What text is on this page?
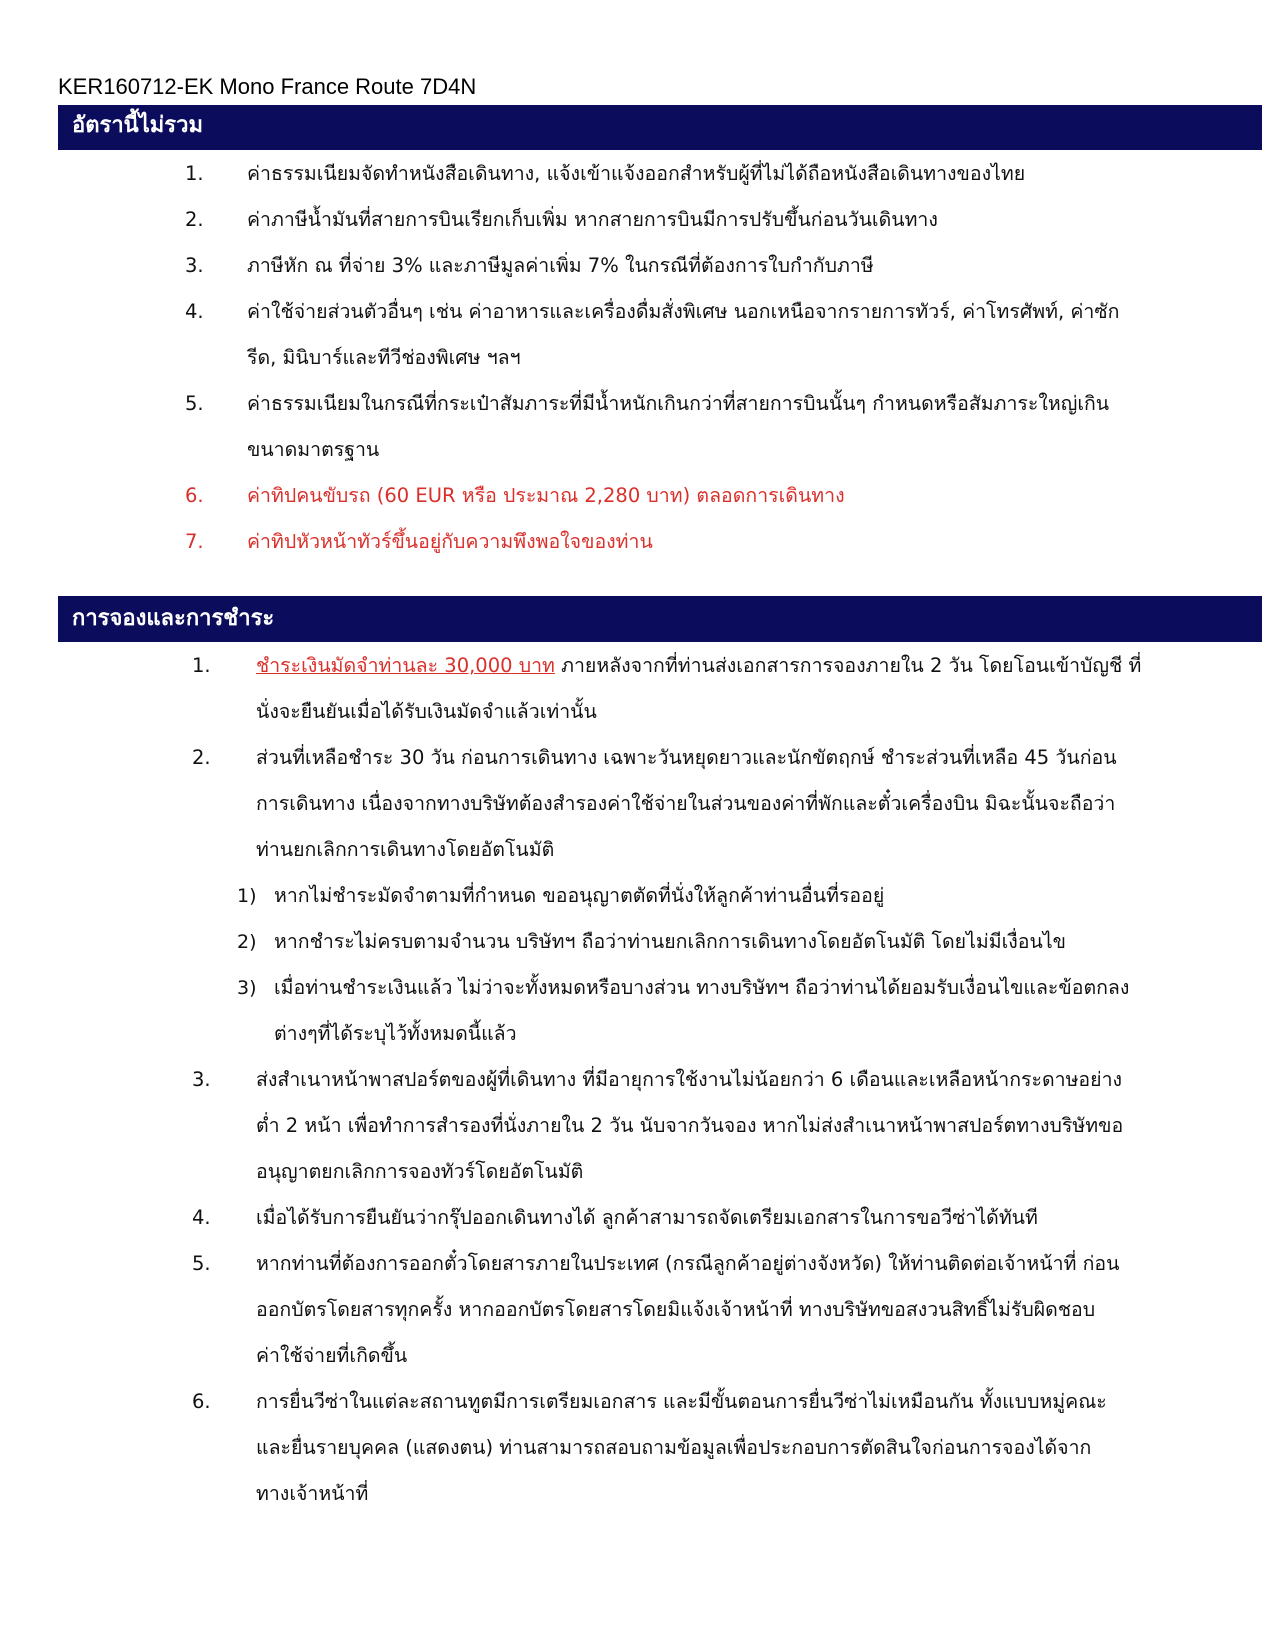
KER160712-EK Mono France Route 7D4N
อัตรานี้ไม่รวม
1. ค่าธรรมเนียมจัดทำหนังสือเดินทาง, แจ้งเข้าแจ้งออกสำหรับผู้ที่ไม่ได้ถือหนังสือเดินทางของไทย
2. ค่าภาษีน้ำมันที่สายการบินเรียกเก็บเพิ่ม หากสายการบินมีการปรับขึ้นก่อนวันเดินทาง
3. ภาษีหัก ณ ที่จ่าย 3% และภาษีมูลค่าเพิ่ม 7% ในกรณีที่ต้องการใบกำกับภาษี
4. ค่าใช้จ่ายส่วนตัวอื่นๆ เช่น ค่าอาหารและเครื่องดื่มสั่งพิเศษ นอกเหนือจากรายการทัวร์, ค่าโทรศัพท์, ค่าซัก
รีด, มินิบาร์และทีวีช่องพิเศษ ฯลฯ
5. ค่าธรรมเนียมในกรณีที่กระเป๋าสัมภาระที่มีน้ำหนักเกินกว่าที่สายการบินนั้นๆ กำหนดหรือสัมภาระใหญ่เกิน
ขนาดมาตรฐาน
6. ค่าทิปคนขับรถ (60 EUR หรือ ประมาณ 2,280 บาท) ตลอดการเดินทาง
7. ค่าทิปหัวหน้าทัวร์ขึ้นอยู่กับความพึงพอใจของท่าน
การจองและการชำระ
1. ชำระเงินมัดจำท่านละ 30,000 บาท ภายหลังจากที่ท่านส่งเอกสารการจองภายใน 2 วัน โดยโอนเข้าบัญชี ที่
นั่งจะยืนยันเมื่อได้รับเงินมัดจำแล้วเท่านั้น
2. ส่วนที่เหลือชำระ 30 วัน ก่อนการเดินทาง เฉพาะวันหยุดยาวและนักขัตฤกษ์ ชำระส่วนที่เหลือ 45 วันก่อน
การเดินทาง เนื่องจากทางบริษัทต้องสำรองค่าใช้จ่ายในส่วนของค่าที่พักและตั๋วเครื่องบิน มิฉะนั้นจะถือว่า
ท่านยกเลิกการเดินทางโดยอัตโนมัติ
1) หากไม่ชำระมัดจำตามที่กำหนด ขออนุญาตตัดที่นั่งให้ลูกค้าท่านอื่นที่รออยู่
2) หากชำระไม่ครบตามจำนวน บริษัทฯ ถือว่าท่านยกเลิกการเดินทางโดยอัตโนมัติ โดยไม่มีเงื่อนไข
3) เมื่อท่านชำระเงินแล้ว ไม่ว่าจะทั้งหมดหรือบางส่วน ทางบริษัทฯ ถือว่าท่านได้ยอมรับเงื่อนไขและข้อตกลง
ต่างๆที่ได้ระบุไว้ทั้งหมดนี้แล้ว
3. ส่งสำเนาหน้าพาสปอร์ตของผู้ที่เดินทาง ที่มีอายุการใช้งานไม่น้อยกว่า 6 เดือนและเหลือหน้ากระดาษอย่าง
ต่ำ 2 หน้า เพื่อทำการสำรองที่นั่งภายใน 2 วัน นับจากวันจอง หากไม่ส่งสำเนาหน้าพาสปอร์ตทางบริษัทขอ
อนุญาตยกเลิกการจองทัวร์โดยอัตโนมัติ
4. เมื่อได้รับการยืนยันว่ากรุ๊ปออกเดินทางได้ ลูกค้าสามารถจัดเตรียมเอกสารในการขอวีซ่าได้ทันที
5. หากท่านที่ต้องการออกตั๋วโดยสารภายในประเทศ (กรณีลูกค้าอยู่ต่างจังหวัด) ให้ท่านติดต่อเจ้าหน้าที่ ก่อน
ออกบัตรโดยสารทุกครั้ง หากออกบัตรโดยสารโดยมิแจ้งเจ้าหน้าที่ ทางบริษัทขอสงวนสิทธิ์ไม่รับผิดชอบ
ค่าใช้จ่ายที่เกิดขึ้น
6. การยื่นวีซ่าในแต่ละสถานทูตมีการเตรียมเอกสาร และมีขั้นตอนการยื่นวีซ่าไม่เหมือนกัน ทั้งแบบหมู่คณะ
และยื่นรายบุคคล (แสดงตน) ท่านสามารถสอบถามข้อมูลเพื่อประกอบการตัดสินใจก่อนการจองได้จาก
ทางเจ้าหน้าที่
